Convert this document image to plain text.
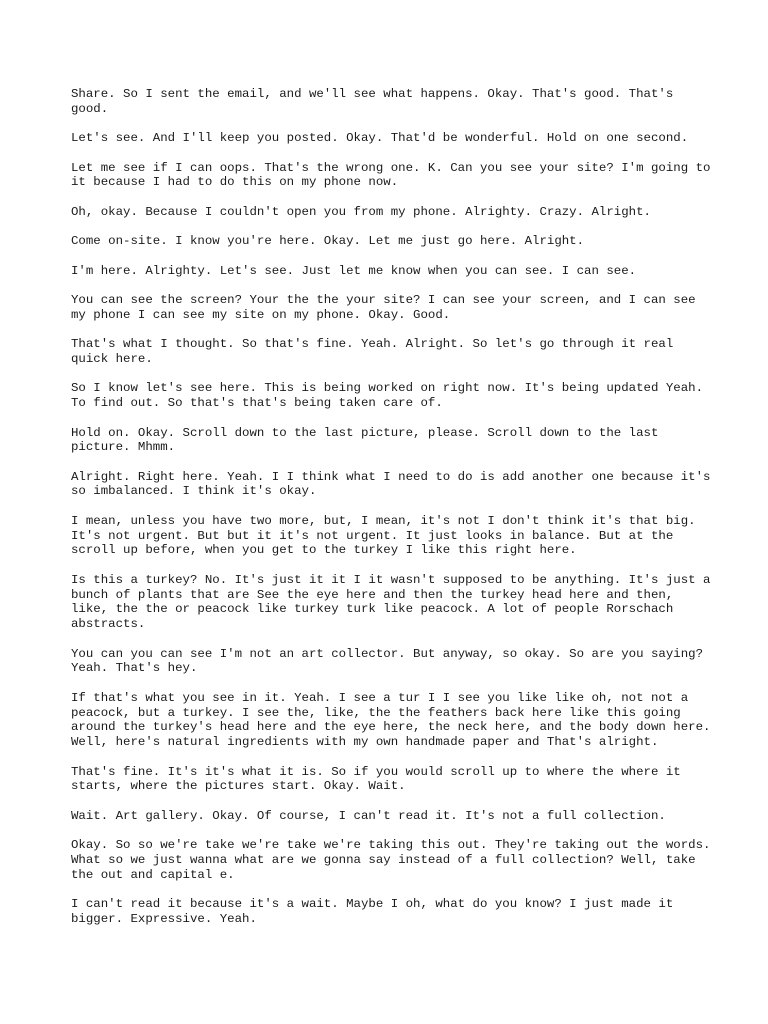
Share. So I sent the email, and we'll see what happens. Okay. That's good. That's good.

Let's see. And I'll keep you posted. Okay. That'd be wonderful. Hold on one second.

Let me see if I can oops. That's the wrong one. K. Can you see your site? I'm going to it because I had to do this on my phone now.

Oh, okay. Because I couldn't open you from my phone. Alrighty. Crazy. Alright.

Come on-site. I know you're here. Okay. Let me just go here. Alright.

I'm here. Alrighty. Let's see. Just let me know when you can see. I can see.

You can see the screen? Your the the your site? I can see your screen, and I can see my phone I can see my site on my phone. Okay. Good.

That's what I thought. So that's fine. Yeah. Alright. So let's go through it real quick here.

So I know let's see here. This is being worked on right now. It's being updated Yeah. To find out. So that's that's being taken care of.

Hold on. Okay. Scroll down to the last picture, please. Scroll down to the last picture. Mhmm.

Alright. Right here. Yeah. I I think what I need to do is add another one because it's so imbalanced. I think it's okay.

I mean, unless you have two more, but, I mean, it's not I don't think it's that big. It's not urgent. But but it it's not urgent. It just looks in balance. But at the scroll up before, when you get to the turkey I like this right here.

Is this a turkey? No. It's just it it I it wasn't supposed to be anything. It's just a bunch of plants that are See the eye here and then the turkey head here and then, like, the the or peacock like turkey turk like peacock. A lot of people Rorschach abstracts.

You can you can see I'm not an art collector. But anyway, so okay. So are you saying? Yeah. That's hey.

If that's what you see in it. Yeah. I see a tur I I see you like like oh, not not a peacock, but a turkey. I see the, like, the the feathers back here like this going around the turkey's head here and the eye here, the neck here, and the body down here. Well, here's natural ingredients with my own handmade paper and That's alright.

That's fine. It's it's what it is. So if you would scroll up to where the where it starts, where the pictures start. Okay. Wait.

Wait. Art gallery. Okay. Of course, I can't read it. It's not a full collection.

Okay. So so we're take we're take we're taking this out. They're taking out the words. What so we just wanna what are we gonna say instead of a full collection? Well, take the out and capital e.

I can't read it because it's a wait. Maybe I oh, what do you know? I just made it bigger. Expressive. Yeah.
